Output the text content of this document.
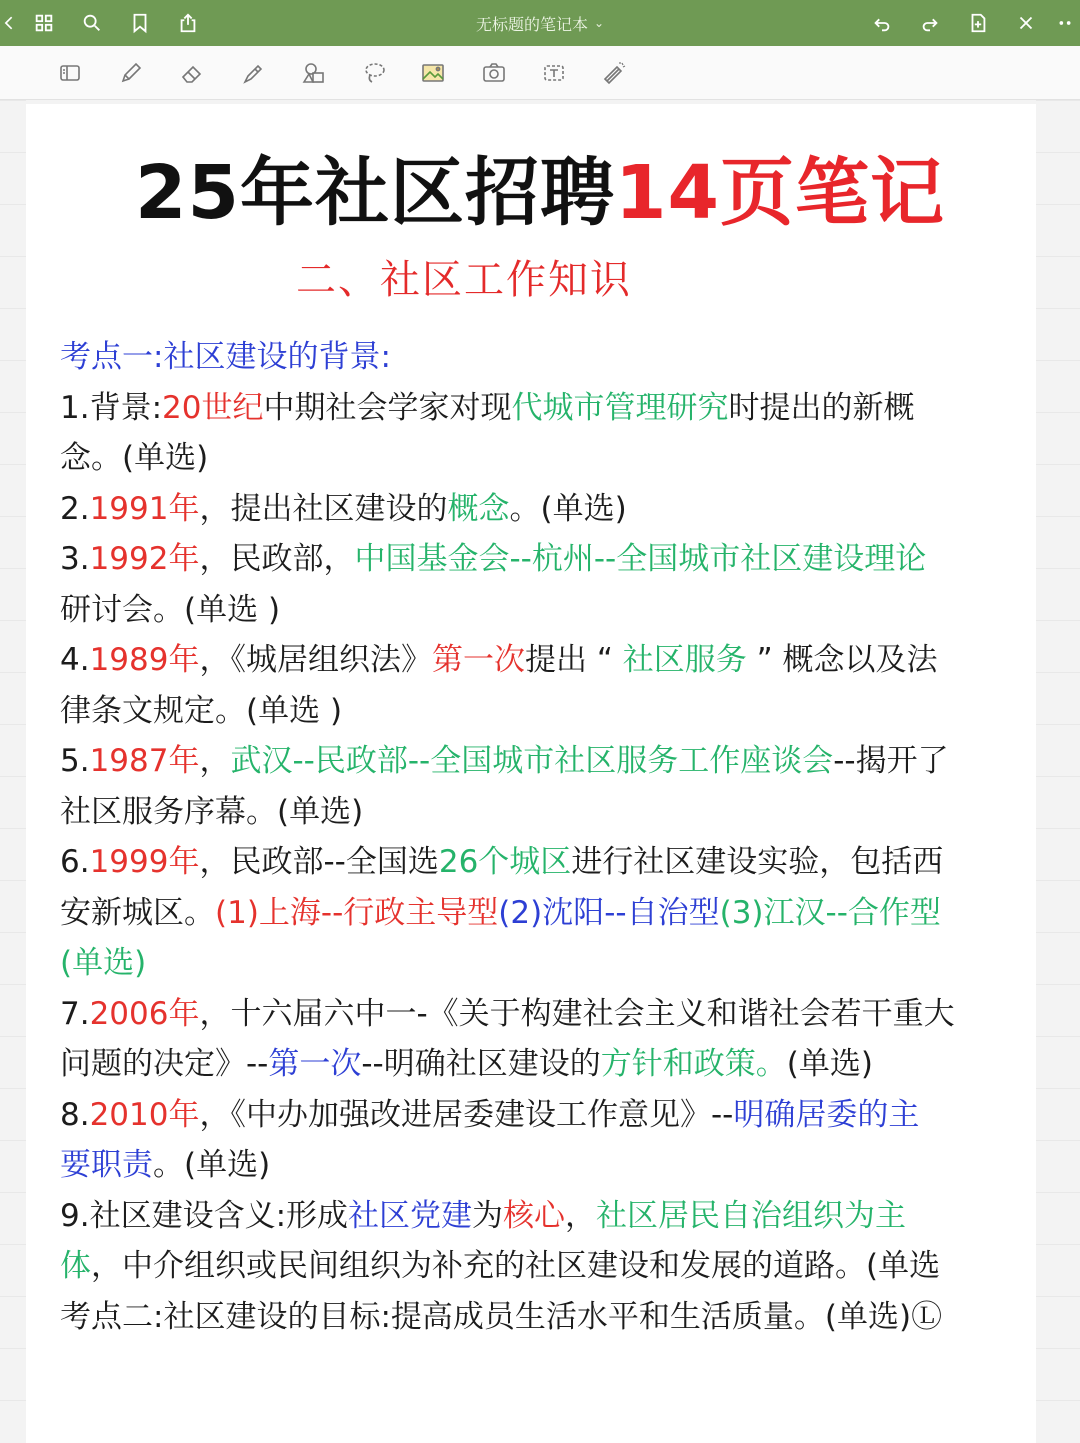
无标题的笔记本 ⌄
25年社区招聘14页笔记
二、社区工作知识
考点一:社区建设的背景:
1.背景:20世纪中期社会学家对现代城市管理研究时提出的新概
念。(单选)
2.1991年，提出社区建设的概念。(单选)
3.1992年，民政部，中国基金会--杭州--全国城市社区建设理论
研讨会。(单选 )
4.1989年，《城居组织法》第一次提出 “ 社区服务 ” 概念以及法
律条文规定。(单选 )
5.1987年，武汉--民政部--全国城市社区服务工作座谈会--揭开了
社区服务序幕。(单选)
6.1999年，民政部--全国选26个城区进行社区建设实验，包括西
安新城区。(1)上海--行政主导型(2)沈阳--自治型(3)江汉--合作型
(单选)
7.2006年，十六届六中一-《关于构建社会主义和谐社会若干重大
问题的决定》--第一次--明确社区建设的方针和政策。(单选)
8.2010年，《中办加强改进居委建设工作意见》--明确居委的主
要职责。(单选)
9.社区建设含义:形成社区党建为核心，社区居民自治组织为主
体，中介组织或民间组织为补充的社区建设和发展的道路。(单选
考点二:社区建设的目标:提高成员生活水平和生活质量。(单选)Ⓛ
